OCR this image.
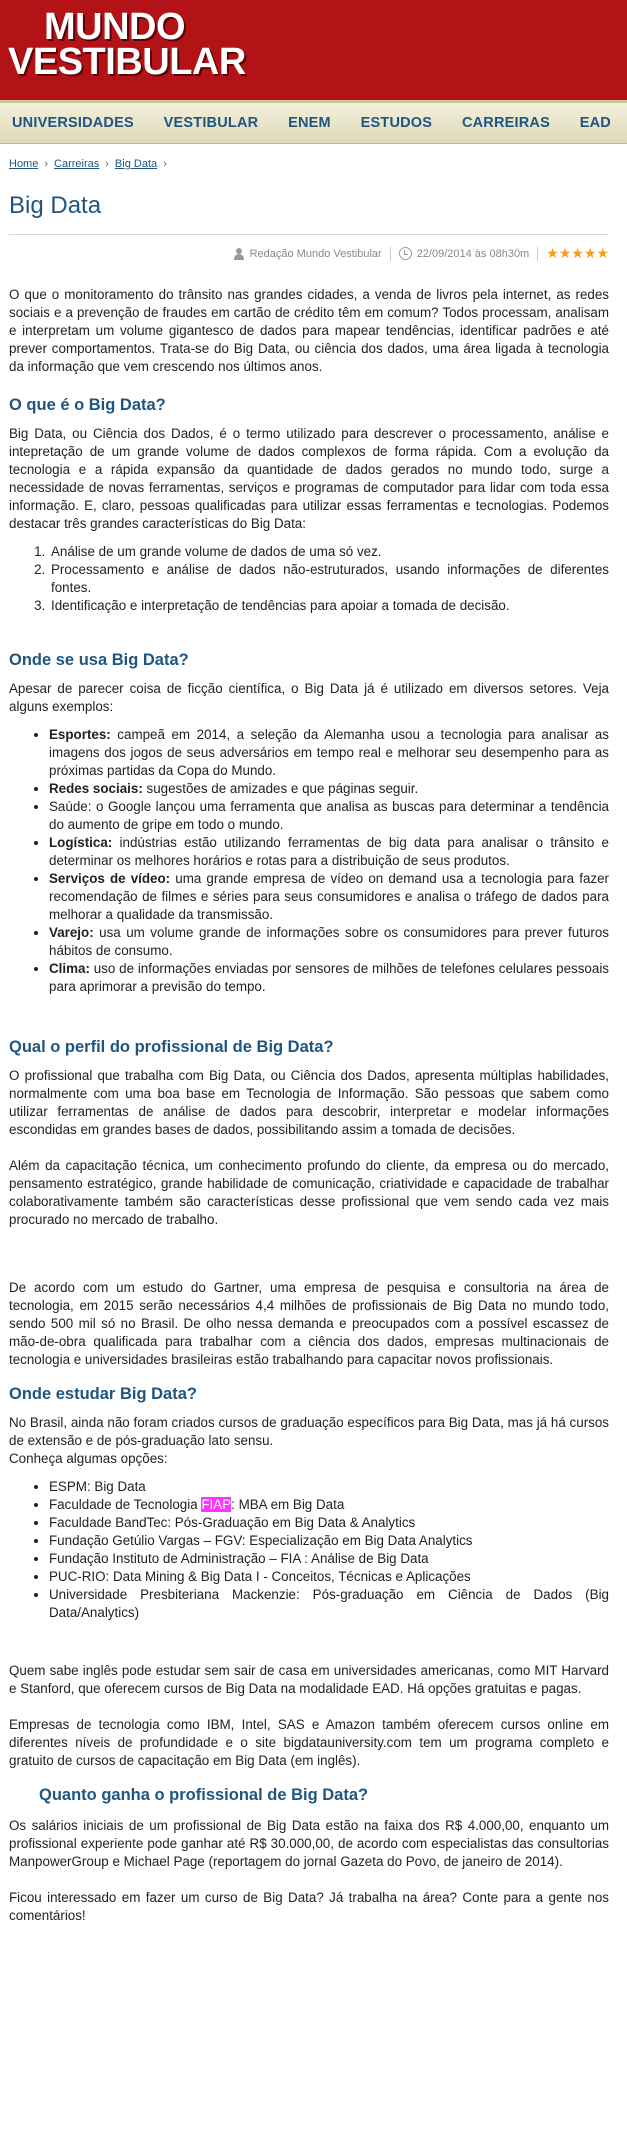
MUNDO
VESTIBULAR
UNIVERSIDADES VESTIBULAR ENEM ESTUDOS CARREIRAS EAD
Home › Carreiras › Big Data ›
Big Data
Redação Mundo Vestibular	22/09/2014 às 08h30m ★★★★★

O que o monitoramento do trânsito nas grandes cidades, a venda de livros pela internet, as redes sociais e a prevenção de fraudes em cartão de crédito têm em comum? Todos processam, analisam e interpretam um volume gigantesco de dados para mapear tendências, identificar padrões e até prever comportamentos. Trata-se do Big Data, ou ciência dos dados, uma área ligada à tecnologia da informação que vem crescendo nos últimos anos.

O que é o Big Data?

Big Data, ou Ciência dos Dados, é o termo utilizado para descrever o processamento, análise e intepretação de um grande volume de dados complexos de forma rápida. Com a evolução da tecnologia e a rápida expansão da quantidade de dados gerados no mundo todo, surge a necessidade de novas ferramentas, serviços e programas de computador para lidar com toda essa informação. E, claro, pessoas qualificadas para utilizar essas ferramentas e tecnologias. Podemos destacar três grandes características do Big Data:

1. Análise de um grande volume de dados de uma só vez.
2. Processamento e análise de dados não-estruturados, usando informações de diferentes fontes.
3. Identificação e interpretação de tendências para apoiar a tomada de decisão.
Onde se usa Big Data?

Apesar de parecer coisa de ficção científica, o Big Data já é utilizado em diversos setores. Veja alguns exemplos:

• Esportes: campeã em 2014, a seleção da Alemanha usou a tecnologia para analisar as imagens dos jogos de seus adversários em tempo real e melhorar seu desempenho para as próximas partidas da Copa do Mundo.
• Redes sociais: sugestões de amizades e que páginas seguir.
• Saúde: o Google lançou uma ferramenta que analisa as buscas para determinar a tendência do aumento de gripe em todo o mundo.
• Logística: indústrias estão utilizando ferramentas de big data para analisar o trânsito e determinar os melhores horários e rotas para a distribuição de seus produtos.
• Serviços de vídeo: uma grande empresa de vídeo on demand usa a tecnologia para fazer recomendação de filmes e séries para seus consumidores e analisa o tráfego de dados para melhorar a qualidade da transmissão.
• Varejo: usa um volume grande de informações sobre os consumidores para prever futuros hábitos de consumo.
• Clima: uso de informações enviadas por sensores de milhões de telefones celulares pessoais para aprimorar a previsão do tempo.
Qual o perfil do profissional de Big Data?

O profissional que trabalha com Big Data, ou Ciência dos Dados, apresenta múltiplas habilidades, normalmente com uma boa base em Tecnologia de Informação. São pessoas que sabem como utilizar ferramentas de análise de dados para descobrir, interpretar e modelar informações escondidas em grandes bases de dados, possibilitando assim a tomada de decisões.

Além da capacitação técnica, um conhecimento profundo do cliente, da empresa ou do mercado, pensamento estratégico, grande habilidade de comunicação, criatividade e capacidade de trabalhar colaborativamente também são características desse profissional que vem sendo cada vez mais procurado no mercado de trabalho.

De acordo com um estudo do Gartner, uma empresa de pesquisa e consultoria na área de tecnologia, em 2015 serão necessários 4,4 milhões de profissionais de Big Data no mundo todo, sendo 500 mil só no Brasil. De olho nessa demanda e preocupados com a possível escassez de mão-de-obra qualificada para trabalhar com a ciência dos dados, empresas multinacionais de tecnologia e universidades brasileiras estão trabalhando para capacitar novos profissionais.

Onde estudar Big Data?

No Brasil, ainda não foram criados cursos de graduação específicos para Big Data, mas já há cursos de extensão e de pós-graduação lato sensu.

Conheça algumas opções:

• ESPM: Big Data
• Faculdade de Tecnologia FIAP: MBA em Big Data
• Faculdade BandTec: Pós-Graduação em Big Data & Analytics
• Fundação Getúlio Vargas – FGV: Especialização em Big Data Analytics
• Fundação Instituto de Administração – FIA : Análise de Big Data
• PUC-RIO: Data Mining & Big Data I - Conceitos, Técnicas e Aplicações
• Universidade Presbiteriana Mackenzie: Pós-graduação em Ciência de Dados (Big Data/Analytics)

Quem sabe inglês pode estudar sem sair de casa em universidades americanas, como MIT Harvard e Stanford, que oferecem cursos de Big Data na modalidade EAD. Há opções gratuitas e pagas.

Empresas de tecnologia como IBM, Intel, SAS e Amazon também oferecem cursos online em diferentes níveis de profundidade e o site bigdatauniversity.com tem um programa completo e gratuito de cursos de capacitação em Big Data (em inglês).

Quanto ganha o profissional de Big Data?

Os salários iniciais de um profissional de Big Data estão na faixa dos R$ 4.000,00, enquanto um profissional experiente pode ganhar até R$ 30.000,00, de acordo com especialistas das consultorias ManpowerGroup e Michael Page (reportagem do jornal Gazeta do Povo, de janeiro de 2014).

Ficou interessado em fazer um curso de Big Data? Já trabalha na área? Conte para a gente nos comentários!
